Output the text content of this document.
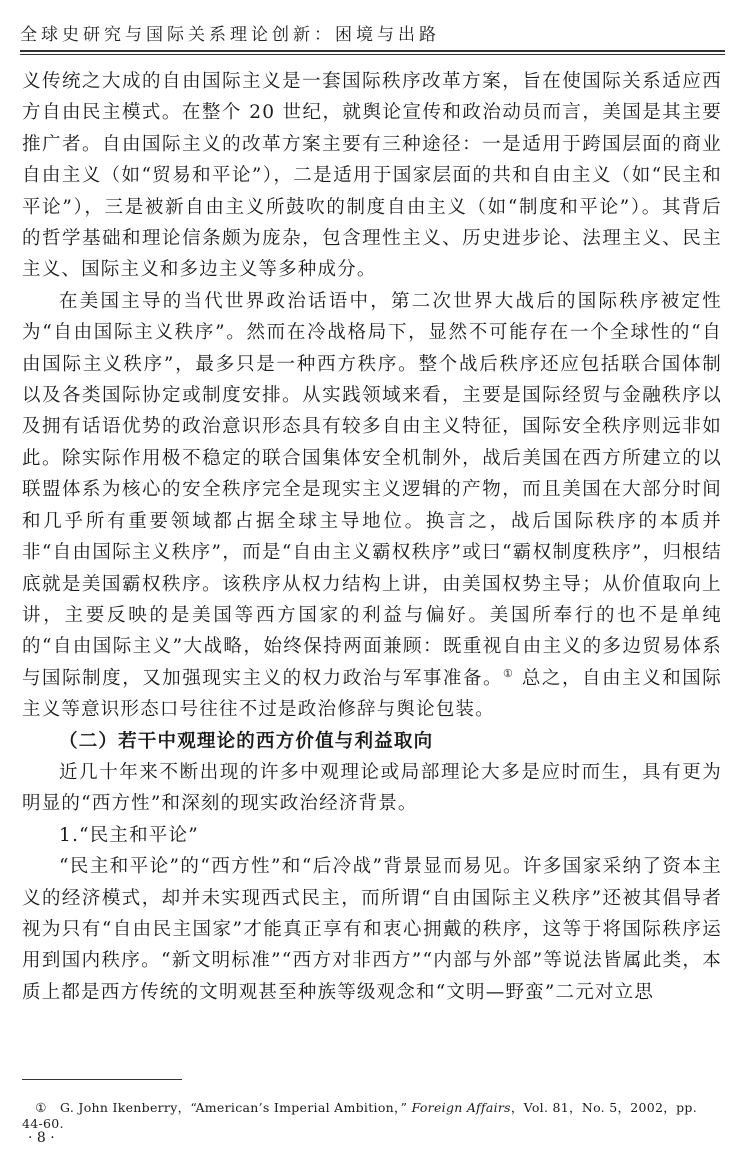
全球史研究与国际关系理论创新：困境与出路

义传统之大成的自由国际主义是一套国际秩序改革方案，旨在使国际关系适应西方自由民主模式。在整个 20 世纪，就舆论宣传和政治动员而言，美国是其主要推广者。自由国际主义的改革方案主要有三种途径：一是适用于跨国层面的商业自由主义（如“贸易和平论”），二是适用于国家层面的共和自由主义（如“民主和平论”），三是被新自由主义所鼓吹的制度自由主义（如“制度和平论”）。其背后的哲学基础和理论信条颇为庞杂，包含理性主义、历史进步论、法理主义、民主主义、国际主义和多边主义等多种成分。

在美国主导的当代世界政治话语中，第二次世界大战后的国际秩序被定性为“自由国际主义秩序”。然而在冷战格局下，显然不可能存在一个全球性的“自由国际主义秩序”，最多只是一种西方秩序。整个战后秩序还应包括联合国体制以及各类国际协定或制度安排。从实践领域来看，主要是国际经贸与金融秩序以及拥有话语优势的政治意识形态具有较多自由主义特征，国际安全秩序则远非如此。除实际作用极不稳定的联合国集体安全机制外，战后美国在西方所建立的以联盟体系为核心的安全秩序完全是现实主义逻辑的产物，而且美国在大部分时间和几乎所有重要领域都占据全球主导地位。换言之，战后国际秩序的本质并非“自由国际主义秩序”，而是“自由主义霸权秩序”或曰“霸权制度秩序”，归根结底就是美国霸权秩序。该秩序从权力结构上讲，由美国权势主导；从价值取向上讲，主要反映的是美国等西方国家的利益与偏好。美国所奉行的也不是单纯的“自由国际主义”大战略，始终保持两面兼顾：既重视自由主义的多边贸易体系与国际制度，又加强现实主义的权力政治与军事准备。① 总之，自由主义和国际主义等意识形态口号往往不过是政治修辞与舆论包装。

（二）若干中观理论的西方价值与利益取向

近几十年来不断出现的许多中观理论或局部理论大多是应时而生，具有更为明显的“西方性”和深刻的现实政治经济背景。

1.“民主和平论”

“民主和平论”的“西方性”和“后冷战”背景显而易见。许多国家采纳了资本主义的经济模式，却并未实现西式民主，而所谓“自由国际主义秩序”还被其倡导者视为只有“自由民主国家”才能真正享有和衷心拥戴的秩序，这等于将国际秩序运用到国内秩序。“新文明标准”“西方对非西方”“内部与外部”等说法皆属此类，本质上都是西方传统的文明观甚至种族等级观念和“文明—野蛮”二元对立思

① G. John Ikenberry，“American’s Imperial Ambition，” Foreign Affairs，Vol. 81，No. 5，2002，pp. 44-60.
· 8 ·
